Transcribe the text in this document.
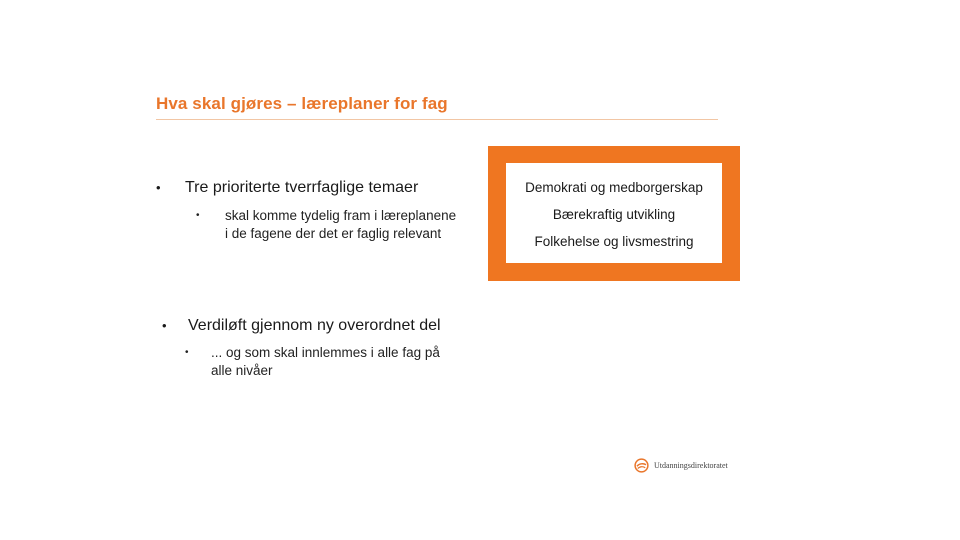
Hva skal gjøres – læreplaner for fag
• Tre prioriterte tverrfaglige temaer
• skal komme tydelig fram i læreplanene i de fagene der det er faglig relevant
• Verdiløft gjennom ny overordnet del
• ... og som skal innlemmes i alle fag på alle nivåer
Demokrati og medborgerskap
Bærekraftig utvikling
Folkehelse og livsmestring
Utdanningsdirektoratet
